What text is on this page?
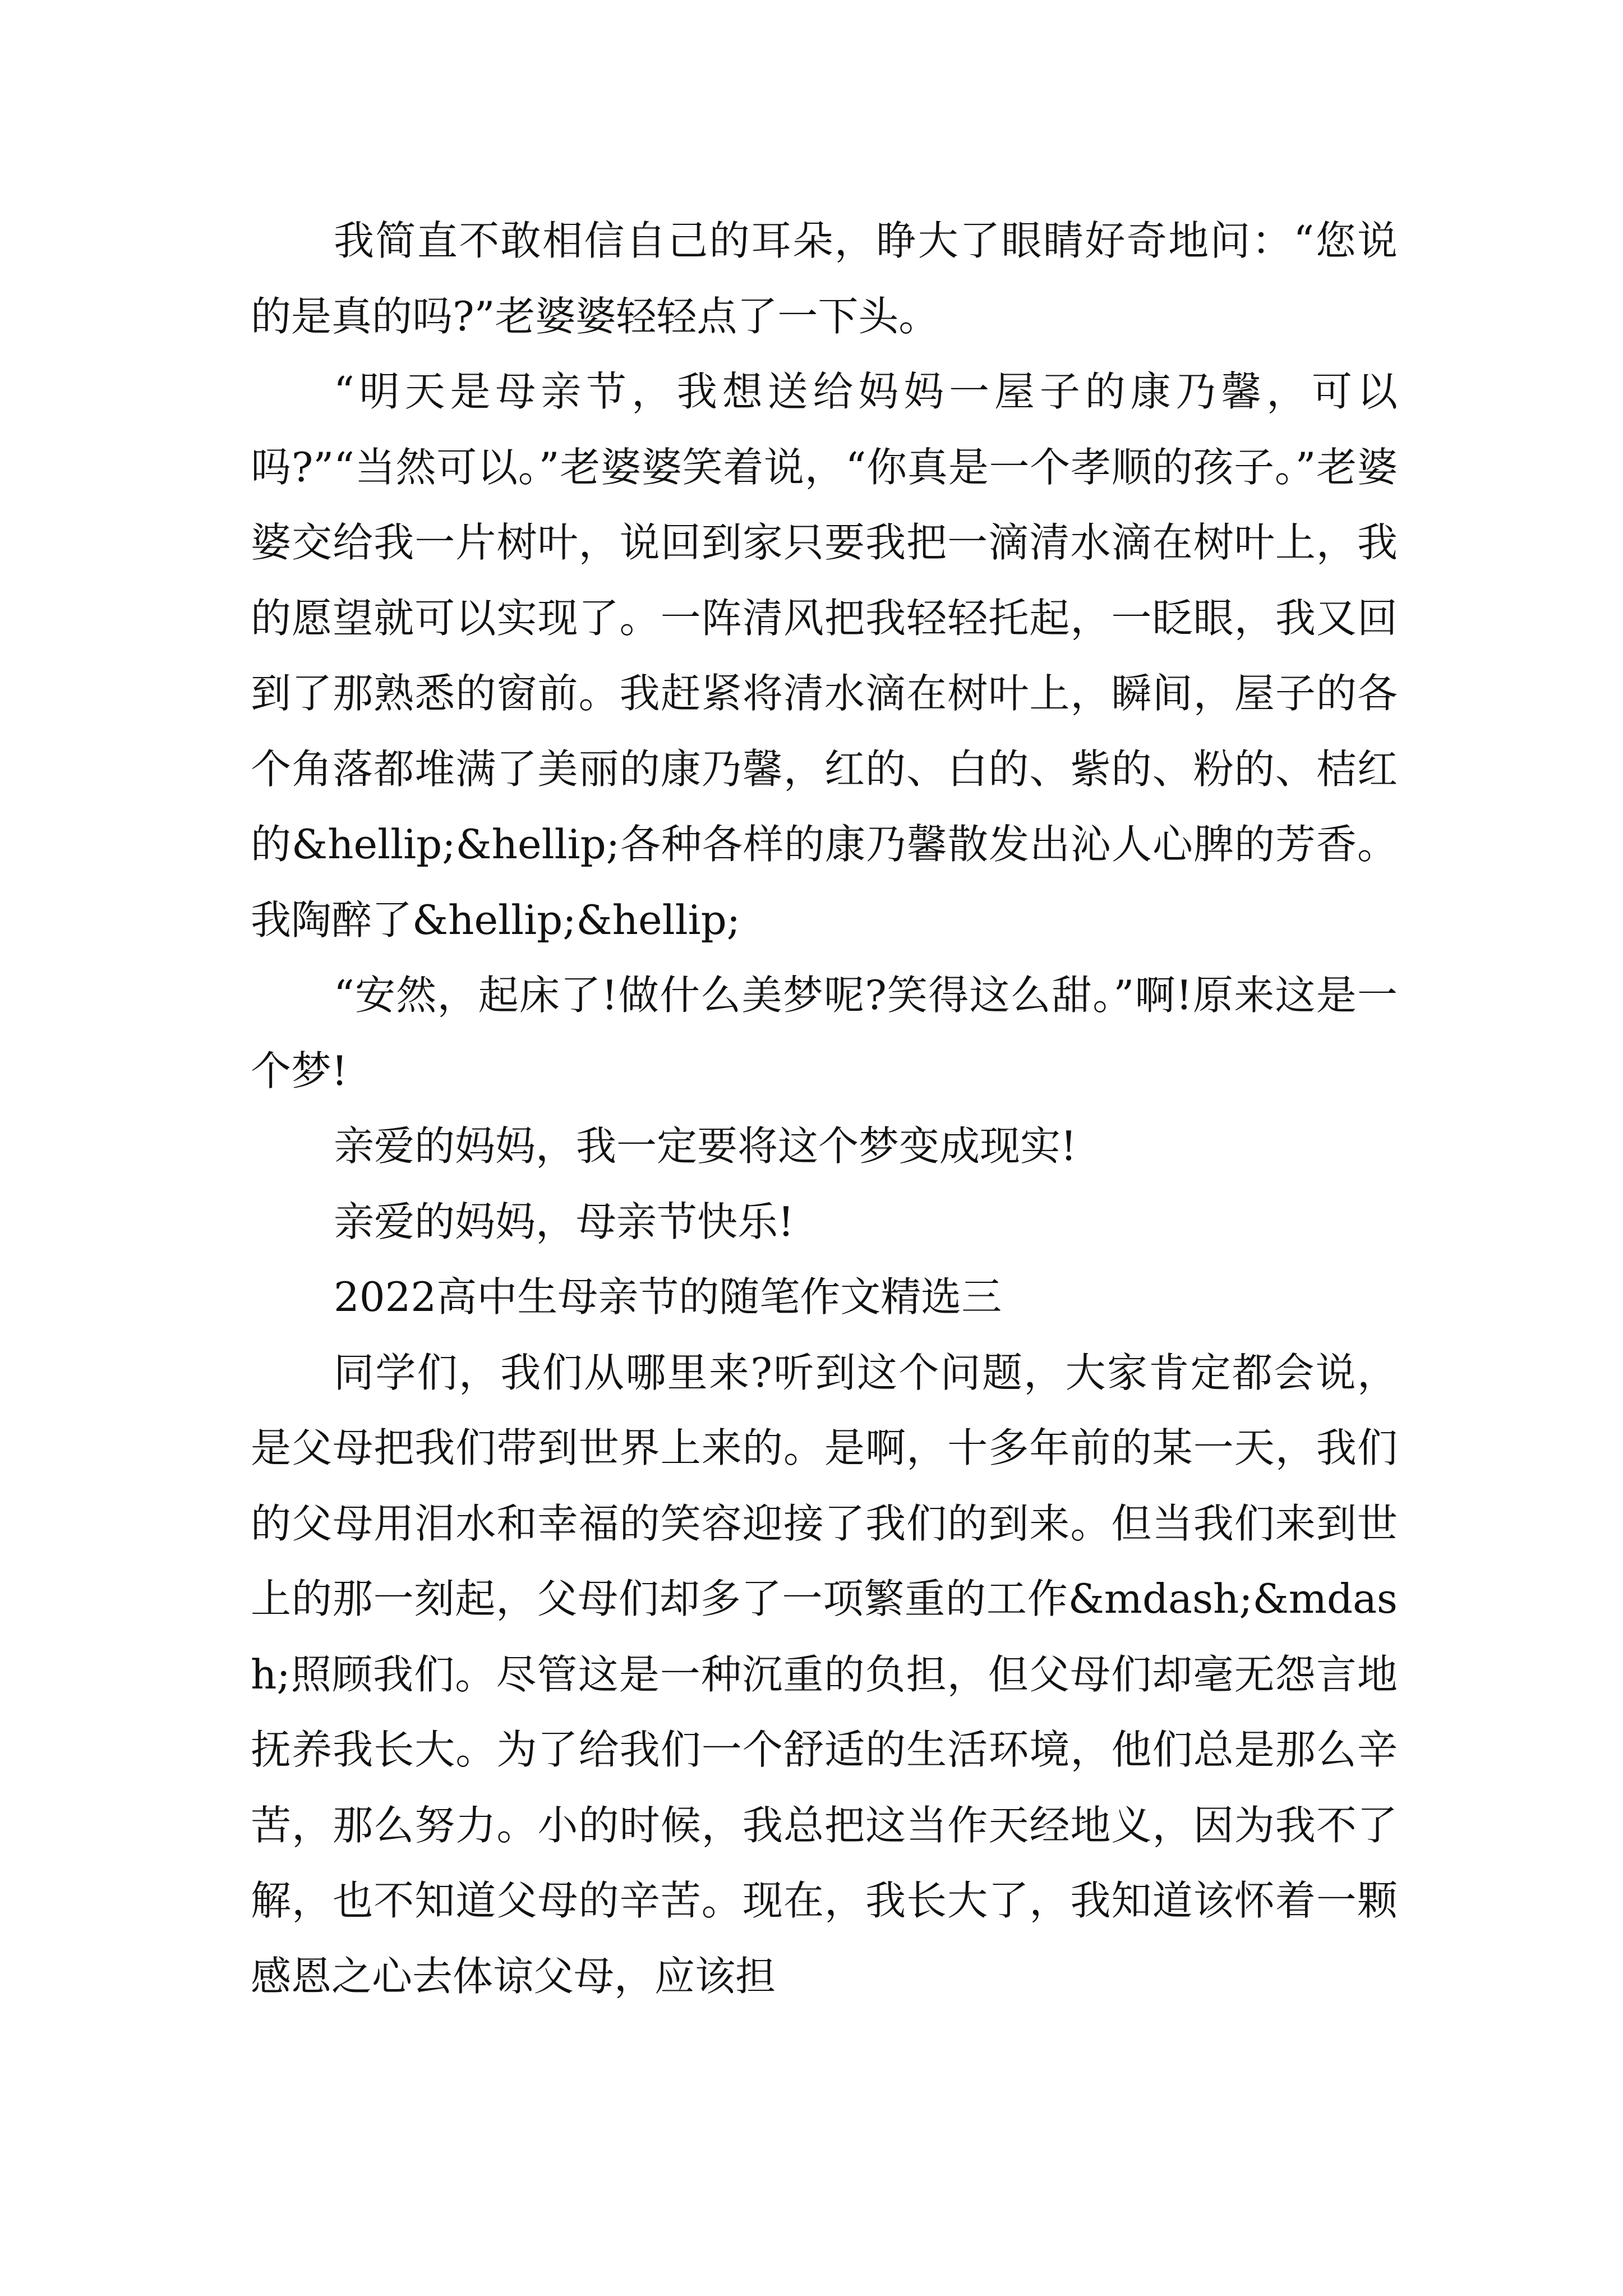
我简直不敢相信自己的耳朵，睁大了眼睛好奇地问：“您说的是真的吗?”老婆婆轻轻点了一下头。

“明天是母亲节，我想送给妈妈一屋子的康乃馨，可以吗?”“当然可以。”老婆婆笑着说，“你真是一个孝顺的孩子。”老婆婆交给我一片树叶，说回到家只要我把一滴清水滴在树叶上，我的愿望就可以实现了。一阵清风把我轻轻托起，一眨眼，我又回到了那熟悉的窗前。我赶紧将清水滴在树叶上，瞬间，屋子的各个角落都堆满了美丽的康乃馨，红的、白的、紫的、粉的、桔红的&hellip;&hellip;各种各样的康乃馨散发出沁人心脾的芳香。我陶醉了&hellip;&hellip;

“安然，起床了!做什么美梦呢?笑得这么甜。”啊!原来这是一个梦!

亲爱的妈妈，我一定要将这个梦变成现实!

亲爱的妈妈，母亲节快乐!

2022高中生母亲节的随笔作文精选三

同学们，我们从哪里来?听到这个问题，大家肯定都会说，是父母把我们带到世界上来的。是啊，十多年前的某一天，我们的父母用泪水和幸福的笑容迎接了我们的到来。但当我们来到世上的那一刻起，父母们却多了一项繁重的工作&mdash;&mdash;照顾我们。尽管这是一种沉重的负担，但父母们却毫无怨言地抚养我长大。为了给我们一个舒适的生活环境，他们总是那么辛苦，那么努力。小的时候，我总把这当作天经地义，因为我不了解，也不知道父母的辛苦。现在，我长大了，我知道该怀着一颗感恩之心去体谅父母，应该担
